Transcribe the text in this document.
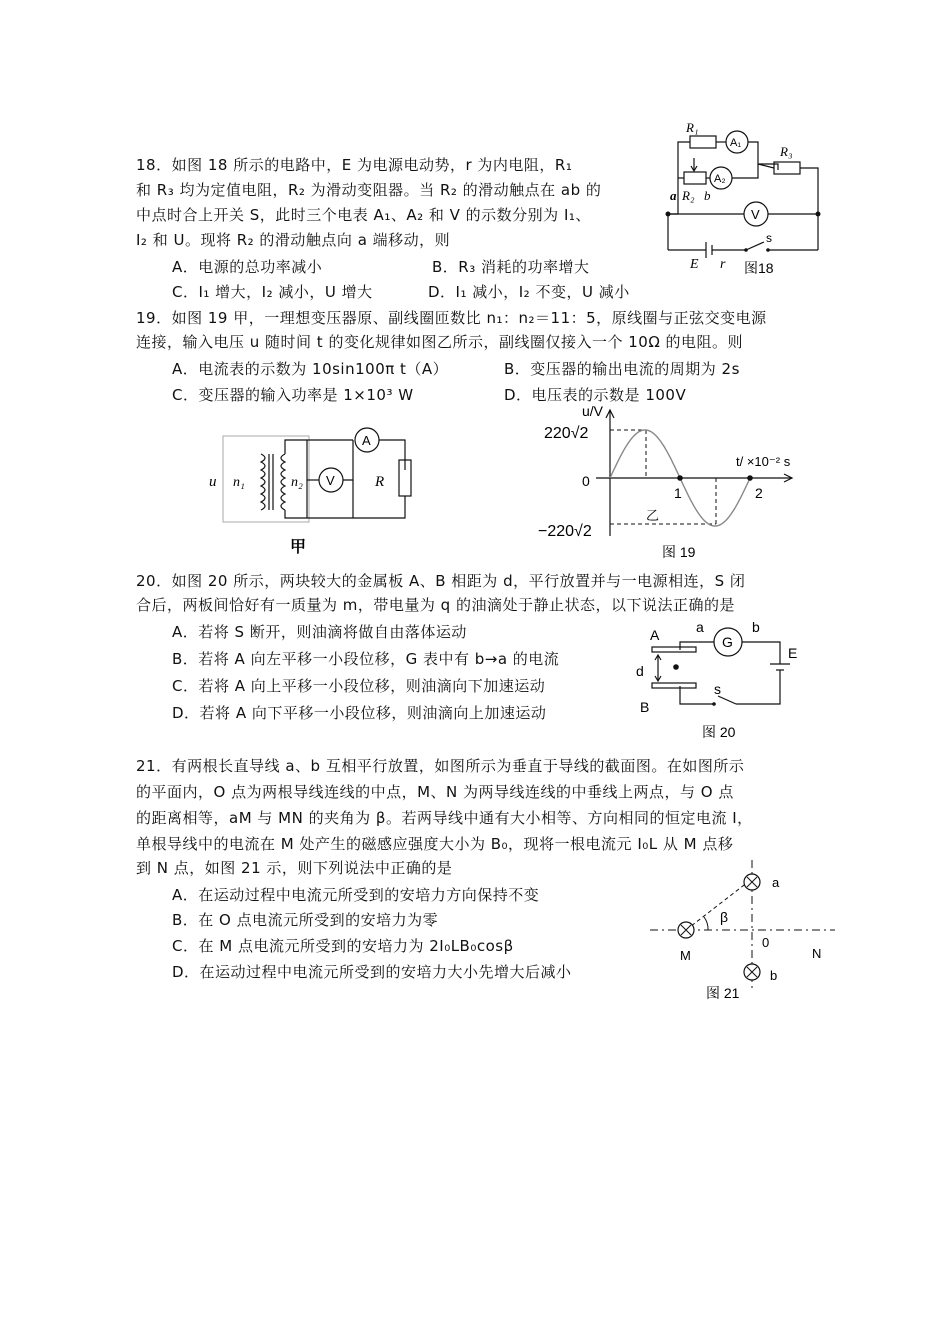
18．如图 18 所示的电路中，E 为电源电动势，r 为内电阻，R₁
和 R₃ 均为定值电阻，R₂ 为滑动变阻器。当 R₂ 的滑动触点在 ab 的
中点时合上开关 S，此时三个电表 A₁、A₂ 和 V 的示数分别为 I₁、
I₂ 和 U。现将 R₂ 的滑动触点向 a 端移动，则
A．电源的总功率减小	B．R₃ 消耗的功率增大
C．I₁ 增大，I₂ 减小，U 增大	D．I₁ 减小，I₂ 不变，U 减小
R₁
A₁
R₃
A₂
a R₂ b
V
s
E r 图18
19．如图 19 甲，一理想变压器原、副线圈匝数比 n₁：n₂＝11：5，原线圈与正弦交变电源
连接，输入电压 u 随时间 t 的变化规律如图乙所示，副线圈仅接入一个 10Ω 的电阻。则
A．电流表的示数为 10sin100π t（A）	B．变压器的输出电流的周期为 2s
C．变压器的输入功率是 1×10³ W	D．电压表的示数是 100V
u n₁	n₂
A
V	R
甲
u/V
220√2
0
t/ ×10⁻² s
1	2
乙
−220√2
图 19
20．如图 20 所示，两块较大的金属板 A、B 相距为 d，平行放置并与一电源相连，S 闭
合后，两板间恰好有一质量为 m，带电量为 q 的油滴处于静止状态，以下说法正确的是
A．若将 S 断开，则油滴将做自由落体运动
B．若将 A 向左平移一小段位移，G 表中有 b→a 的电流
C．若将 A 向上平移一小段位移，则油滴向下加速运动
D．若将 A 向下平移一小段位移，则油滴向上加速运动
A	a
G
b
E
d
s
B
图 20
21．有两根长直导线 a、b 互相平行放置，如图所示为垂直于导线的截面图。在如图所示
的平面内，O 点为两根导线连线的中点，M、N 为两导线连线的中垂线上两点，与 O 点
的距离相等，aM 与 MN 的夹角为 β。若两导线中通有大小相等、方向相同的恒定电流 I，
单根导线中的电流在 M 处产生的磁感应强度大小为 B₀，现将一根电流元 I₀L 从 M 点移
到 N 点，如图 21 示，则下列说法中正确的是
A．在运动过程中电流元所受到的安培力方向保持不变
B．在 O 点电流元所受到的安培力为零
C．在 M 点电流元所受到的安培力为 2I₀LB₀cosβ
D．在运动过程中电流元所受到的安培力大小先增大后减小
a
β
0
M	N
b
图 21
